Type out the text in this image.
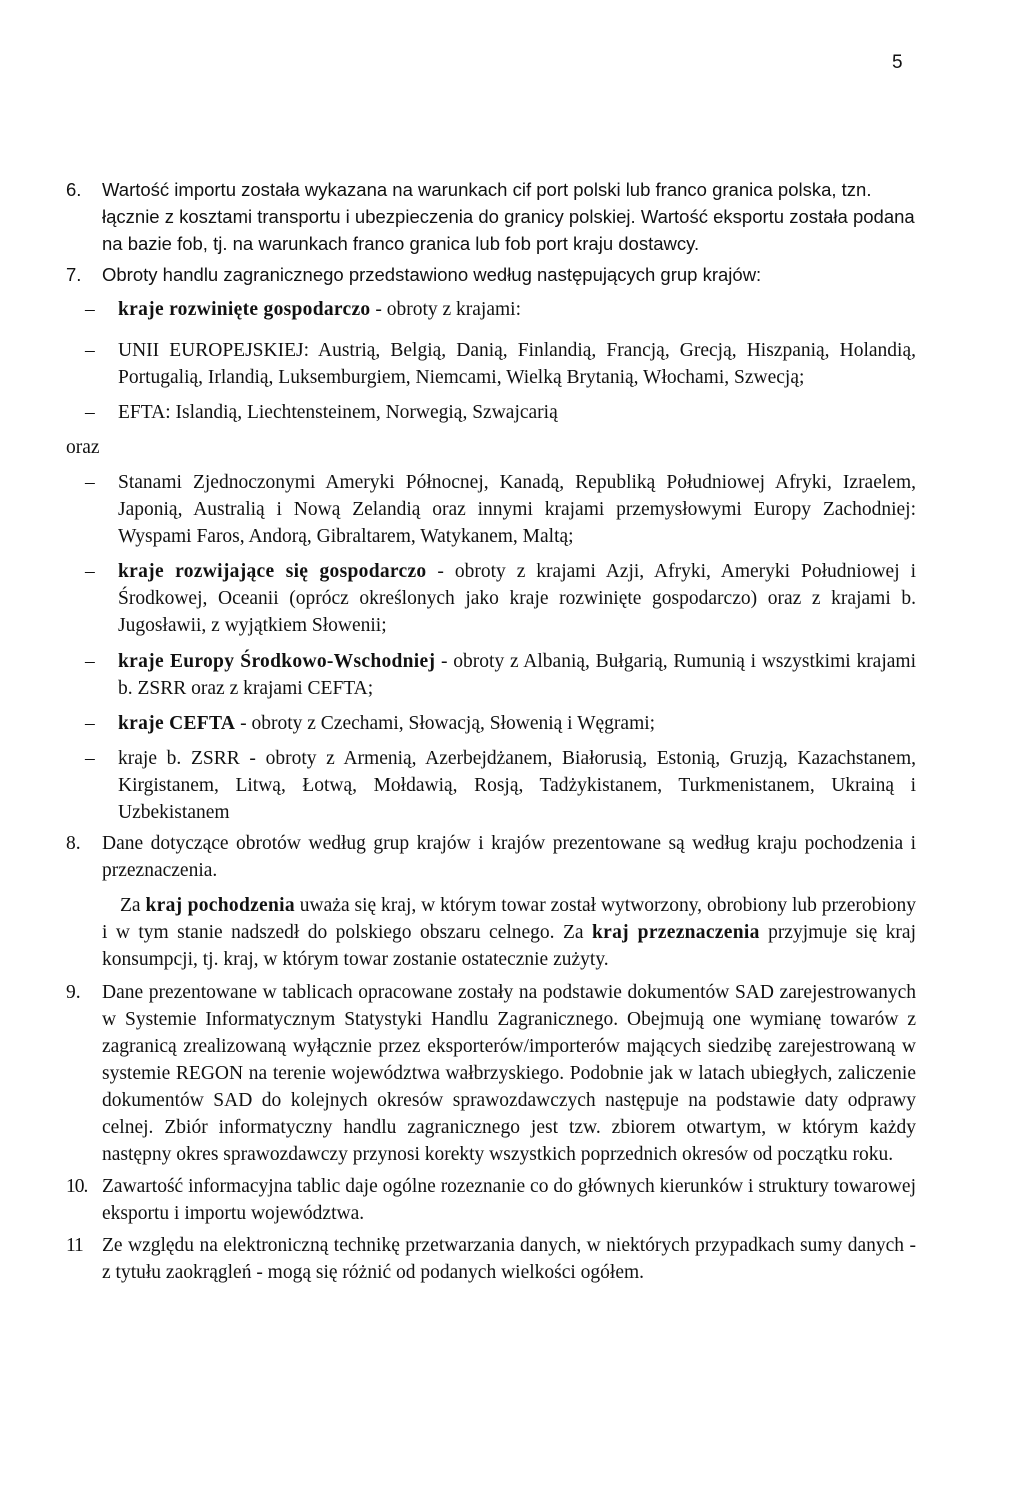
5

6. Wartość importu została wykazana na warunkach cif port polski lub franco granica polska, tzn. łącznie z kosztami transportu i ubezpieczenia do granicy polskiej. Wartość eksportu została podana na bazie fob, tj. na warunkach franco granica lub fob port kraju dostawcy.

7. Obroty handlu zagranicznego przedstawiono według następujących grup krajów:

– kraje rozwinięte gospodarczo - obroty z krajami:

– UNII EUROPEJSKIEJ: Austrią, Belgią, Danią, Finlandią, Francją, Grecją, Hiszpanią, Holandią, Portugalią, Irlandią, Luksemburgiem, Niemcami, Wielką Brytanią, Włochami, Szwecją;

– EFTA: Islandią, Liechtensteinem, Norwegią, Szwajcarią

oraz

– Stanami Zjednoczonymi Ameryki Północnej, Kanadą, Republiką Południowej Afryki, Izraelem, Japonią, Australią i Nową Zelandią oraz innymi krajami przemysłowymi Europy Zachodniej: Wyspami Faros, Andorą, Gibraltarem, Watykanem, Maltą;

– kraje rozwijające się gospodarczo - obroty z krajami Azji, Afryki, Ameryki Południowej i Środkowej, Oceanii (oprócz określonych jako kraje rozwinięte gospodarczo) oraz z krajami b. Jugosławii, z wyjątkiem Słowenii;

– kraje Europy Środkowo-Wschodniej - obroty z Albanią, Bułgarią, Rumunią i wszystkimi krajami b. ZSRR oraz z krajami CEFTA;

– kraje CEFTA - obroty z Czechami, Słowacją, Słowenią i Węgrami;

– kraje b. ZSRR - obroty z Armenią, Azerbejdżanem, Białorusią, Estonią, Gruzją, Kazachstanem, Kirgistanem, Litwą, Łotwą, Mołdawią, Rosją, Tadżykistanem, Turkmenistanem, Ukrainą i Uzbekistanem

8. Dane dotyczące obrotów według grup krajów i krajów prezentowane są według kraju pochodzenia i przeznaczenia.

Za kraj pochodzenia uważa się kraj, w którym towar został wytworzony, obrobiony lub przerobiony i w tym stanie nadszedł do polskiego obszaru celnego. Za kraj przeznaczenia przyjmuje się kraj konsumpcji, tj. kraj, w którym towar zostanie ostatecznie zużyty.

9. Dane prezentowane w tablicach opracowane zostały na podstawie dokumentów SAD zarejestrowanych w Systemie Informatycznym Statystyki Handlu Zagranicznego. Obejmują one wymianę towarów z zagranicą zrealizowaną wyłącznie przez eksporterów/importerów mających siedzibę zarejestrowaną w systemie REGON na terenie województwa wałbrzyskiego. Podobnie jak w latach ubiegłych, zaliczenie dokumentów SAD do kolejnych okresów sprawozdawczych następuje na podstawie daty odprawy celnej. Zbiór informatyczny handlu zagranicznego jest tzw. zbiorem otwartym, w którym każdy następny okres sprawozdawczy przynosi korekty wszystkich poprzednich okresów od początku roku.

10. Zawartość informacyjna tablic daje ogólne rozeznanie co do głównych kierunków i struktury towarowej eksportu i importu województwa.

11 Ze względu na elektroniczną technikę przetwarzania danych, w niektórych przypadkach sumy danych - z tytułu zaokrągleń - mogą się różnić od podanych wielkości ogółem.
